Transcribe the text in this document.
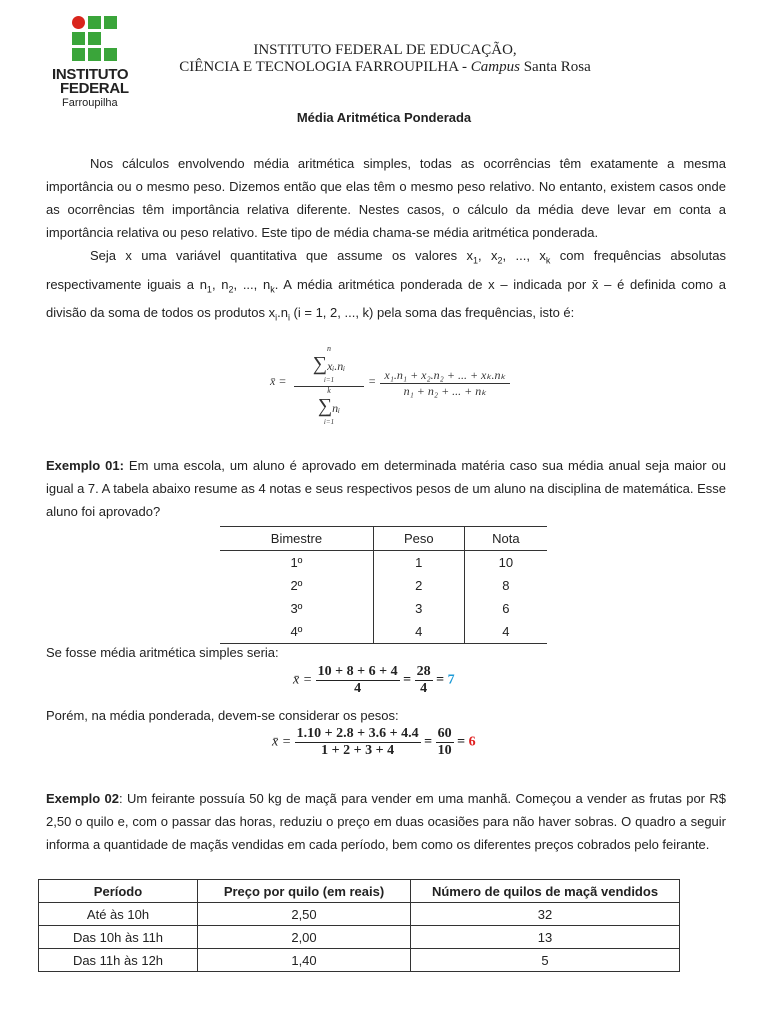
INSTITUTO
FEDERAL
Farroupilha
INSTITUTO FEDERAL DE EDUCAÇÃO,
CIÊNCIA E TECNOLOGIA FARROUPILHA - Campus Santa Rosa
Média Aritmética Ponderada

Nos cálculos envolvendo média aritmética simples, todas as ocorrências têm exatamente a mesma importância ou o mesmo peso. Dizemos então que elas têm o mesmo peso relativo. No entanto, existem casos onde as ocorrências têm importância relativa diferente. Nestes casos, o cálculo da média deve levar em conta a importância relativa ou peso relativo. Este tipo de média chama-se média aritmética ponderada.

Seja x uma variável quantitativa que assume os valores $x_1$, $x_2$, ..., $x_k$ com frequências absolutas respectivamente iguais a $n_1$, $n_2$, ..., $n_k$. A média aritmética ponderada de x – indicada por x̄ – é definida como a divisão da soma de todos os produtos $x_i.n_i$ (i = 1, 2, ..., k) pela soma das frequências, isto é:

x̄ =
n
∑xᵢ.nᵢ
i=1
k
∑nᵢ
i=1
= x₁.n₁ + x₂.n₂ + ... + xₖ.nₖ
n₁ + n₂ + ... + nₖ

Exemplo 01: Em uma escola, um aluno é aprovado em determinada matéria caso sua média anual seja maior ou igual a 7. A tabela abaixo resume as 4 notas e seus respectivos pesos de um aluno na disciplina de matemática. Esse aluno foi aprovado?

Bimestre	Peso	Nota
1º	1	10
2º	2	8
3º	3	6
4º	4	4
Se fosse média aritmética simples seria:
x̄ = $\frac{10 + 8 + 6 + 4}{4} = \frac{28}{4} = 7$
Porém, na média ponderada, devem-se considerar os pesos:
x̄ = $\frac{1.10 + 2.8 + 3.6 + 4.4}{1 + 2 + 3 + 4} = \frac{60}{10} = 6$

Exemplo 02: Um feirante possuía 50 kg de maçã para vender em uma manhã. Começou a vender as frutas por R$ 2,50 o quilo e, com o passar das horas, reduziu o preço em duas ocasiões para não haver sobras. O quadro a seguir informa a quantidade de maçãs vendidas em cada período, bem como os diferentes preços cobrados pelo feirante.

Período	Preço por quilo (em reais)	Número de quilos de maçã vendidos
Até às 10h	2,50	32
Das 10h às 11h	2,00	13
Das 11h às 12h	1,40	5
